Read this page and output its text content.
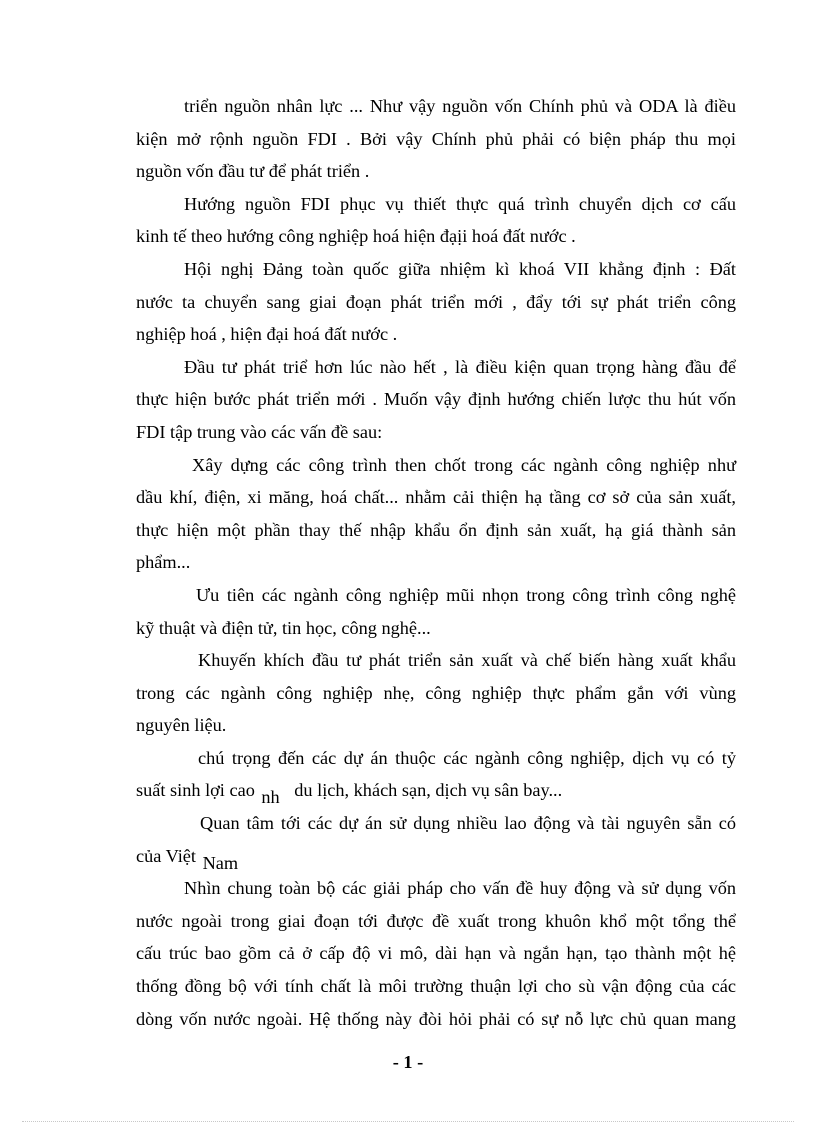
triển nguồn nhân lực ... Như vậy nguồn vốn Chính phủ và ODA là điều
kiện mở rộnh nguồn FDI . Bởi vậy Chính phủ phải có biện pháp thu mọi
nguồn vốn đầu tư để phát triển .
Hướng nguồn FDI phục vụ thiết thực quá trình chuyển dịch cơ cấu
kinh tế theo hướng công nghiệp hoá hiện đạịi hoá đất nước .
Hội nghị Đảng toàn quốc giữa nhiệm kì khoá VII khẳng định : Đất
nước ta chuyển sang giai đoạn phát triển mới , đẩy tới sự phát triển công
nghiệp hoá , hiện đại hoá đất nước .
Đầu tư phát triể hơn lúc nào hết , là điều kiện quan trọng hàng đầu để
thực hiện bước phát triển mới . Muốn vậy định hướng chiến lược thu hút vốn
FDI tập trung vào các vấn đề sau:
Xây dựng các công trình then chốt trong các ngành công nghiệp như
dầu khí, điện, xi măng, hoá chất... nhằm cải thiện hạ tầng cơ sở của sản xuất,
thực hiện một phần thay thế nhập khẩu ổn định sản xuất, hạ giá thành sản
phẩm...
Ưu tiên các ngành công nghiệp mũi nhọn trong công trình công nghệ
kỹ thuật và điện tử, tin học, công nghệ...
Khuyến khích đầu tư phát triển sản xuất và chế biến hàng xuất khẩu
trong các ngành công nghiệp nhẹ, công nghiệp thực phẩm gắn với vùng
nguyên liệu.
chú trọng đến các dự án thuộc các ngành công nghiệp, dịch vụ có tỷ
suất sinh lợi cao nh du lịch, khách sạn, dịch vụ sân bay...
Quan tâm tới các dự án sử dụng nhiều lao động và tài nguyên sẵn có
của Việt Nam
Nhìn chung toàn bộ các giải pháp cho vấn đề huy động và sử dụng vốn
nước ngoài trong giai đoạn tới được đề xuất trong khuôn khổ một tổng thể
cấu trúc bao gồm cả ở cấp độ vi mô, dài hạn và ngắn hạn, tạo thành một hệ
thống đồng bộ với tính chất là môi trường thuận lợi cho sù vận động của các
dòng vốn nước ngoài. Hệ thống này đòi hỏi phải có sự nỗ lực chủ quan mang
- 1 -
